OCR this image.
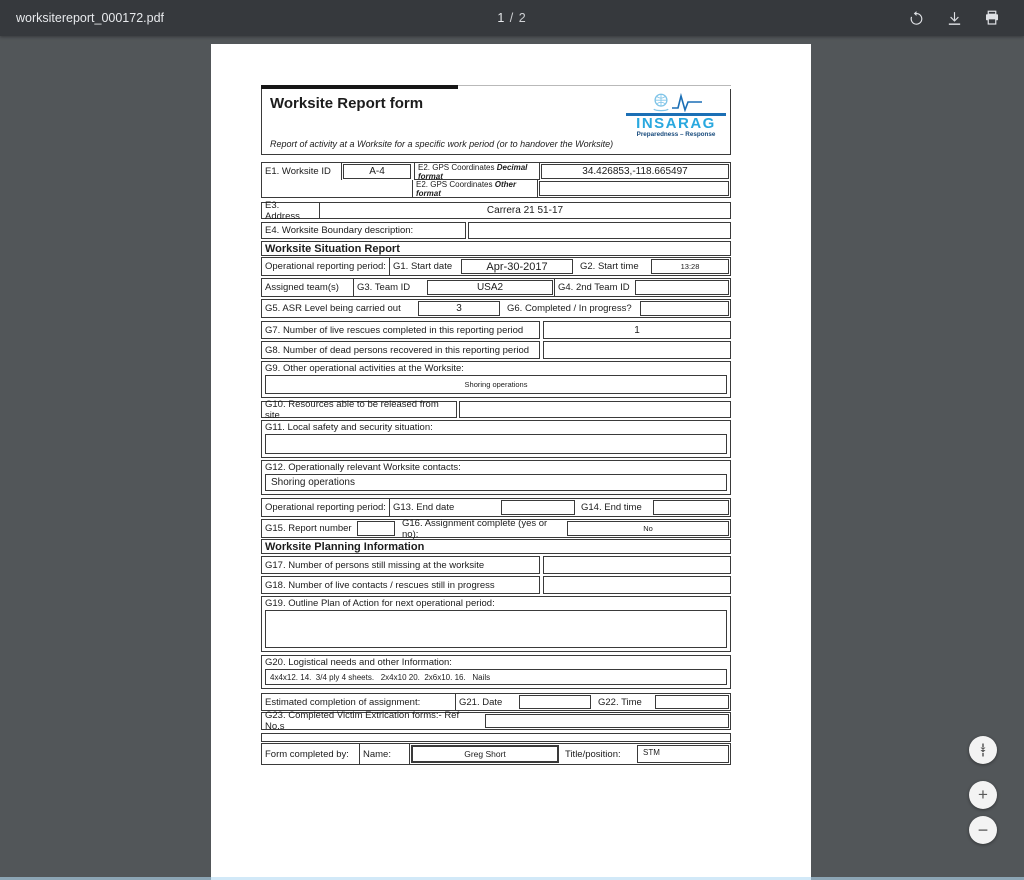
worksitereport_000172.pdf	1 / 2
Worksite Report form
INSARAG
Preparedness – Response
Report of activity at a Worksite for a specific work period (or to handover the Worksite)
E1. Worksite ID	A-4	E2. GPS Coordinates Decimal format	34.426853,-118.665497
E2. GPS Coordinates Other format
E3. Address	Carrera 21 51-17
E4. Worksite Boundary description:
Worksite Situation Report
Operational reporting period: G1. Start date	Apr-30-2017	G2. Start time	13:28
Assigned team(s)	G3. Team ID	USA2	G4. 2nd Team ID
G5. ASR Level being carried out	3	G6. Completed / In progress?
G7. Number of live rescues completed in this reporting period	1
G8. Number of dead persons recovered in this reporting period
G9. Other operational activities at the Worksite:
Shoring operations
G10. Resources able to be released from site
G11. Local safety and security situation:
G12. Operationally relevant Worksite contacts:
Shoring operations
Operational reporting period: G13. End date	G14. End time
G15. Report number	G16. Assignment complete (yes or no):	No
Worksite Planning Information
G17. Number of persons still missing at the worksite
G18. Number of live contacts / rescues still in progress
G19. Outline Plan of Action for next operational period:
G20. Logistical needs and other Information:
4x4x12. 14.  3/4 ply 4 sheets.   2x4x10 20.  2x6x10. 16.   Nails
Estimated completion of assignment:	G21. Date	G22. Time
G23. Completed Victim Extrication forms:- Ref No.s
Form completed by:	Name:	Greg Short	Title/position:	STM
+
−
